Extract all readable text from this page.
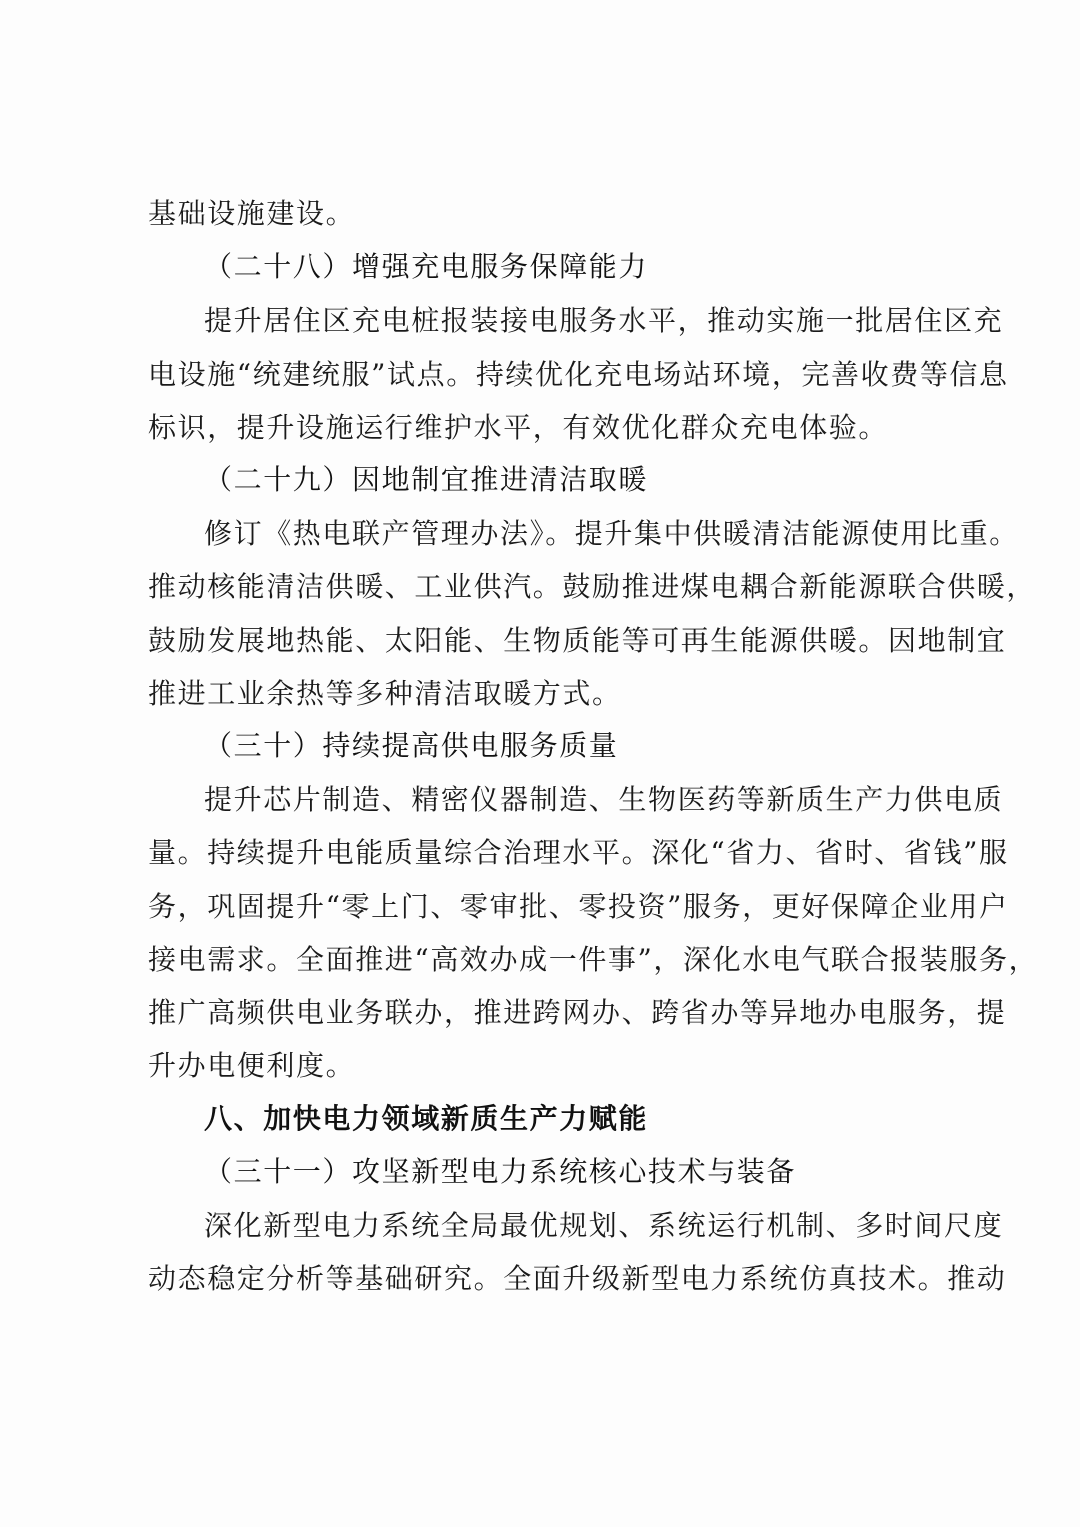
基础设施建设。
（二十八）增强充电服务保障能力
提升居住区充电桩报装接电服务水平，推动实施一批居住区充
电设施“统建统服”试点。持续优化充电场站环境，完善收费等信息
标识，提升设施运行维护水平，有效优化群众充电体验。
（二十九）因地制宜推进清洁取暖
修订《热电联产管理办法》。提升集中供暖清洁能源使用比重。
推动核能清洁供暖、工业供汽。鼓励推进煤电耦合新能源联合供暖，
鼓励发展地热能、太阳能、生物质能等可再生能源供暖。因地制宜
推进工业余热等多种清洁取暖方式。
（三十）持续提高供电服务质量
提升芯片制造、精密仪器制造、生物医药等新质生产力供电质
量。持续提升电能质量综合治理水平。深化“省力、省时、省钱”服
务，巩固提升“零上门、零审批、零投资”服务，更好保障企业用户
接电需求。全面推进“高效办成一件事”，深化水电气联合报装服务，
推广高频供电业务联办，推进跨网办、跨省办等异地办电服务，提
升办电便利度。
八、加快电力领域新质生产力赋能
（三十一）攻坚新型电力系统核心技术与装备
深化新型电力系统全局最优规划、系统运行机制、多时间尺度
动态稳定分析等基础研究。全面升级新型电力系统仿真技术。推动
